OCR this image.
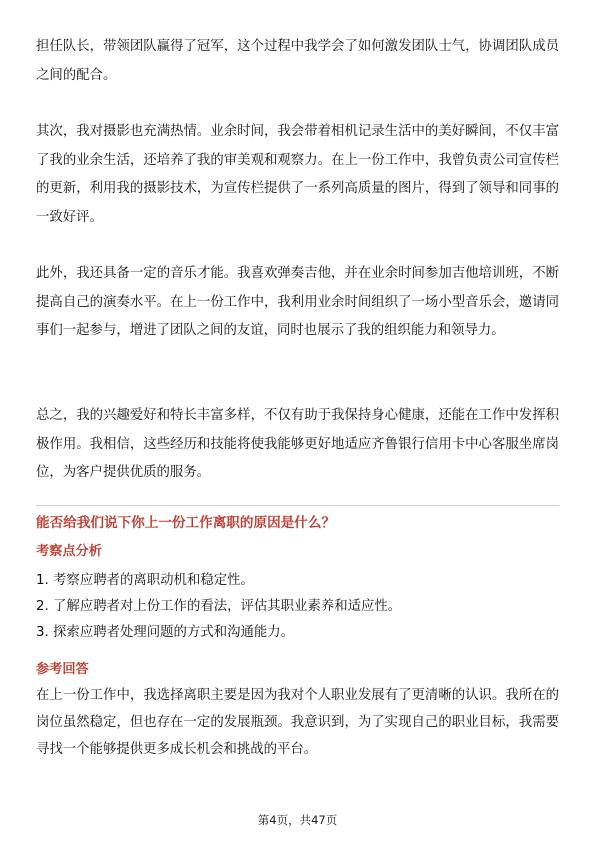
担任队长，带领团队赢得了冠军，这个过程中我学会了如何激发团队士气，协调团队成员之间的配合。

其次，我对摄影也充满热情。业余时间，我会带着相机记录生活中的美好瞬间，不仅丰富了我的业余生活，还培养了我的审美观和观察力。在上一份工作中，我曾负责公司宣传栏的更新，利用我的摄影技术，为宣传栏提供了一系列高质量的图片，得到了领导和同事的一致好评。

此外，我还具备一定的音乐才能。我喜欢弹奏吉他，并在业余时间参加吉他培训班，不断提高自己的演奏水平。在上一份工作中，我利用业余时间组织了一场小型音乐会，邀请同事们一起参与，增进了团队之间的友谊，同时也展示了我的组织能力和领导力。

总之，我的兴趣爱好和特长丰富多样，不仅有助于我保持身心健康，还能在工作中发挥积极作用。我相信，这些经历和技能将使我能够更好地适应齐鲁银行信用卡中心客服坐席岗位，为客户提供优质的服务。

能否给我们说下你上一份工作离职的原因是什么？
考察点分析
1. 考察应聘者的离职动机和稳定性。
2. 了解应聘者对上份工作的看法，评估其职业素养和适应性。
3. 探索应聘者处理问题的方式和沟通能力。
参考回答

在上一份工作中，我选择离职主要是因为我对个人职业发展有了更清晰的认识。我所在的岗位虽然稳定，但也存在一定的发展瓶颈。我意识到，为了实现自己的职业目标，我需要寻找一个能够提供更多成长机会和挑战的平台。

第4页，共47页
